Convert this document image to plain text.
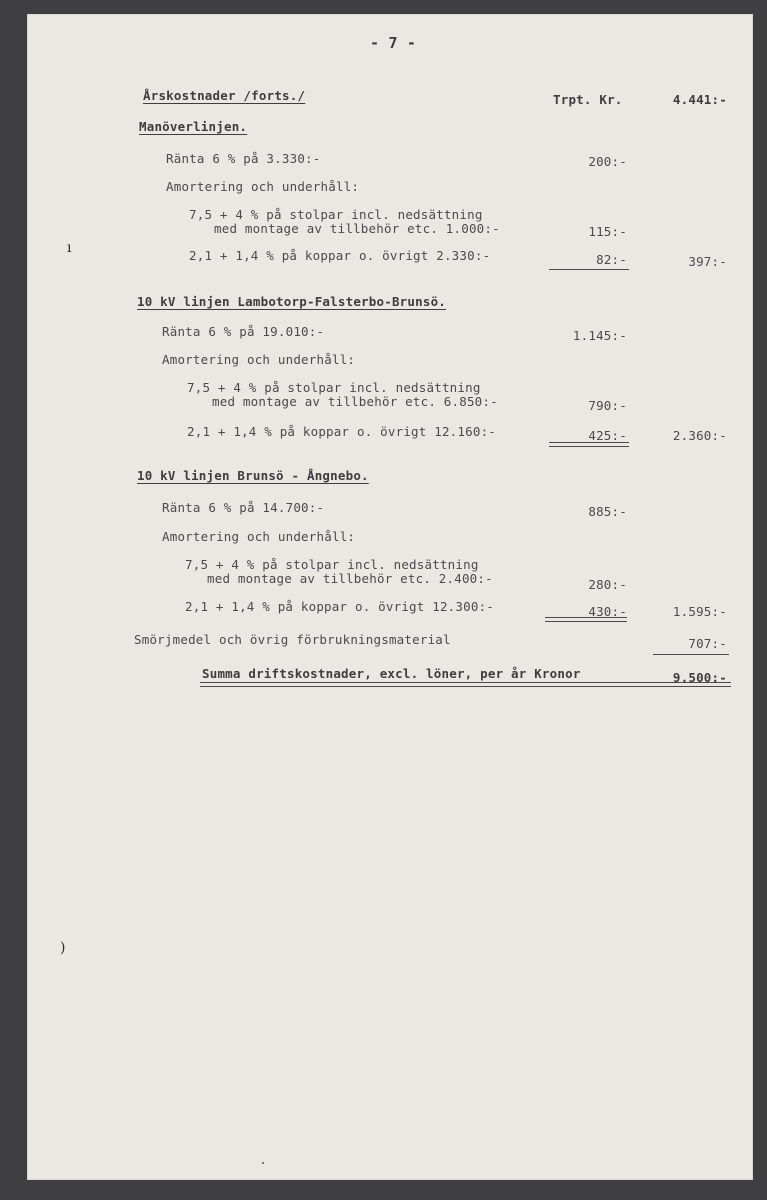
- 7 -
Årskostnader /forts./	Trpt. Kr.	4.441:-
Manöverlinjen.
Ränta 6 % på 3.330:-	200:-
Amortering och underhåll:
7,5 + 4 % på stolpar incl. nedsättning
med montage av tillbehör etc. 1.000:-	115:-
2,1 + 1,4 % på koppar o. övrigt 2.330:-	82:-	397:-
10 kV linjen Lambotorp-Falsterbo-Brunsö.
Ränta 6 % på 19.010:-	1.145:-
Amortering och underhåll:
7,5 + 4 % på stolpar incl. nedsättning
med montage av tillbehör etc. 6.850:-	790:-
2,1 + 1,4 % på koppar o. övrigt 12.160:-	425:-	2.360:-
10 kV linjen Brunsö - Ångnebo.
Ränta 6 % på 14.700:-	885:-
Amortering och underhåll:
7,5 + 4 % på stolpar incl. nedsättning
med montage av tillbehör etc. 2.400:-	280:-
2,1 + 1,4 % på koppar o. övrigt 12.300:-	430:-	1.595:-
Smörjmedel och övrig förbrukningsmaterial	707:-
Summa driftskostnader, excl. löner, per år Kronor	9.500:-
ı
)
